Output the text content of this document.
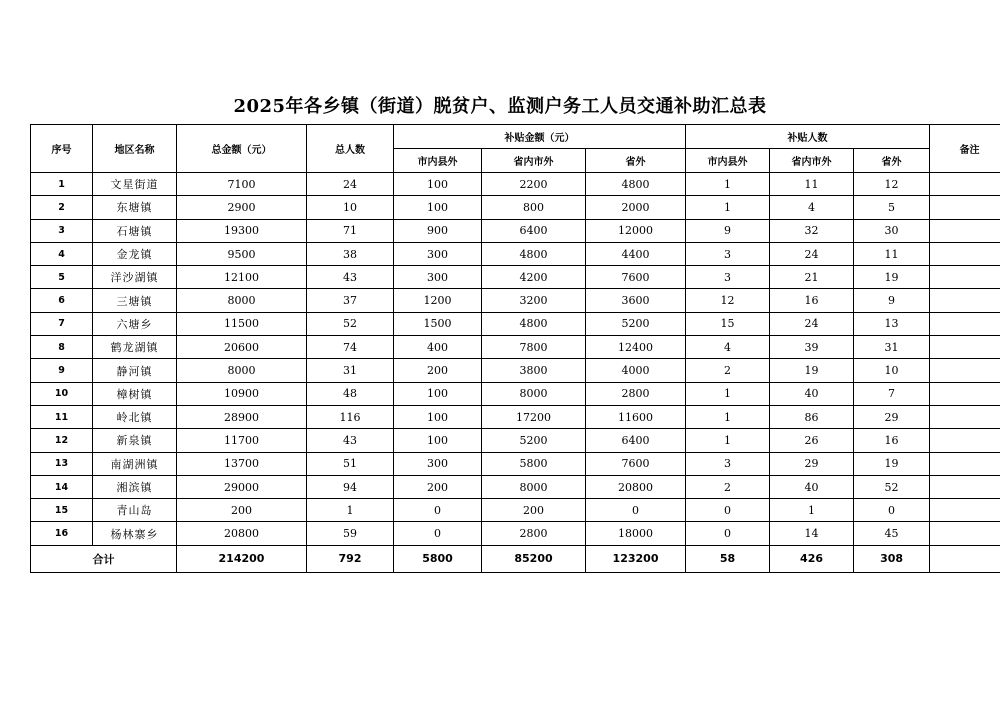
2025年各乡镇（街道）脱贫户、监测户务工人员交通补助汇总表
序号	地区名称	总金额（元）	总人数	补贴金额（元）			补贴人数			备注
				市内县外	省内市外	省外	市内县外	省内市外	省外	
1	文星街道	7100	24	100	2200	4800	1	11	12	
2	东塘镇	2900	10	100	800	2000	1	4	5	
3	石塘镇	19300	71	900	6400	12000	9	32	30	
4	金龙镇	9500	38	300	4800	4400	3	24	11	
5	洋沙湖镇	12100	43	300	4200	7600	3	21	19	
6	三塘镇	8000	37	1200	3200	3600	12	16	9	
7	六塘乡	11500	52	1500	4800	5200	15	24	13	
8	鹤龙湖镇	20600	74	400	7800	12400	4	39	31	
9	静河镇	8000	31	200	3800	4000	2	19	10	
10	樟树镇	10900	48	100	8000	2800	1	40	7	
11	岭北镇	28900	116	100	17200	11600	1	86	29	
12	新泉镇	11700	43	100	5200	6400	1	26	16	
13	南湖洲镇	13700	51	300	5800	7600	3	29	19	
14	湘滨镇	29000	94	200	8000	20800	2	40	52	
15	青山岛	200	1	0	200	0	0	1	0	
16	杨林寨乡	20800	59	0	2800	18000	0	14	45	
合计		214200	792	5800	85200	123200	58	426	308	
